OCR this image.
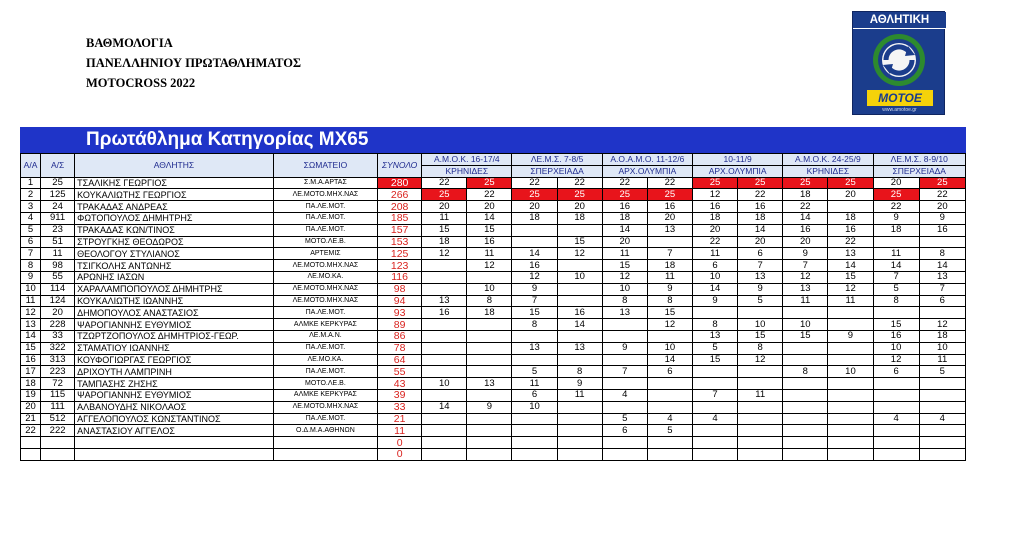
ΒΑΘΜΟΛΟΓΙΑ
ΠΑΝΕΛΛΗΝΙΟΥ ΠΡΩΤΑΘΛΗΜΑΤΟΣ
MOTOCROSS 2022
ΑΘΛΗΤΙΚΗ
MOTOE
www.amotoe.gr
Πρωτάθλημα Κατηγορίας MX65
Α/Α	Α/Σ	ΑΘΛΗΤΗΣ	ΣΩΜΑΤΕΙΟ	ΣΥΝΟΛΟ	Α.Μ.Ο.Κ. 16-17/4		ΛΕ.Μ.Σ. 7-8/5		Α.Ο.Α.Μ.Ο. 11-12/6		10-11/9		Α.Μ.Ο.Κ. 24-25/9		ΛΕ.Μ.Σ. 8-9/10	
					ΚΡΗΝΙΔΕΣ		ΣΠΕΡΧΕΙΑΔΑ		ΑΡΧ.ΟΛΥΜΠΙΑ		ΑΡΧ.ΟΛΥΜΠΙΑ		ΚΡΗΝΙΔΕΣ		ΣΠΕΡΧΕΙΑΔΑ	
1	25	ΤΣΑΛΙΚΗΣ ΓΕΩΡΓΙΟΣ	Σ.Μ.Α.ΑΡΤΑΣ	280	22	25	22	22	22	22	25	25	25	25	20	25
2	125	ΚΟΥΚΑΛΙΩΤΗΣ ΓΕΩΡΓΙΟΣ	ΛΕ.ΜΟΤΟ.ΜΗΧ.ΝΑΣ	266	25	22	25	25	25	25	12	22	18	20	25	22
3	24	ΤΡΑΚΑΔΑΣ ΑΝΔΡΕΑΣ	ΠΑ.ΛΕ.ΜΟΤ.	208	20	20	20	20	16	16	16	16	22		22	20
4	911	ΦΩΤΟΠΟΥΛΟΣ ΔΗΜΗΤΡΗΣ	ΠΑ.ΛΕ.ΜΟΤ.	185	11	14	18	18	18	20	18	18	14	18	9	9
5	23	ΤΡΑΚΑΔΑΣ ΚΩΝ/ΤΙΝΟΣ	ΠΑ.ΛΕ.ΜΟΤ.	157	15	15			14	13	20	14	16	16	18	16
6	51	ΣΤΡΟΥΓΚΗΣ ΘΕΟΔΩΡΟΣ	ΜΟΤΟ.ΛΕ.Β.	153	18	16		15	20		22	20	20	22		
7	11	ΘΕΟΛΟΓΟΥ ΣΤΥΛΙΑΝΟΣ	ΑΡΤΕΜΙΣ	125	12	11	14	12	11	7	11	6	9	13	11	8
8	98	ΤΣΙΓΚΟΛΗΣ ΑΝΤΩΝΗΣ	ΛΕ.ΜΟΤΟ.ΜΗΧ.ΝΑΣ	123		12	16		15	18	6	7	7	14	14	14
9	55	ΑΡΩΝΗΣ ΙΑΣΩΝ	ΛΕ.ΜΟ.ΚΑ.	116			12	10	12	11	10	13	12	15	7	13
10	114	ΧΑΡΑΛΑΜΠΟΠΟΥΛΟΣ ΔΗΜΗΤΡΗΣ	ΛΕ.ΜΟΤΟ.ΜΗΧ.ΝΑΣ	98		10	9		10	9	14	9	13	12	5	7
11	124	ΚΟΥΚΑΛΙΩΤΗΣ ΙΩΑΝΝΗΣ	ΛΕ.ΜΟΤΟ.ΜΗΧ.ΝΑΣ	94	13	8	7		8	8	9	5	11	11	8	6
12	20	ΔΗΜΟΠΟΥΛΟΣ ΑΝΑΣΤΑΣΙΟΣ	ΠΑ.ΛΕ.ΜΟΤ.	93	16	18	15	16	13	15						
13	228	ΨΑΡΟΓΙΑΝΝΗΣ ΕΥΘΥΜΙΟΣ	ΑΛΜΚΕ ΚΕΡΚΥΡΑΣ	89			8	14		12	8	10	10		15	12
14	33	ΤΖΩΡΤΖΟΠΟΥΛΟΣ ΔΗΜΗΤΡΙΟΣ-ΓΕΩΡ.	ΛΕ.Μ.Α.Ν.	86							13	15	15	9	16	18
15	322	ΣΤΑΜΑΤΙΟΥ ΙΩΑΝΝΗΣ	ΠΑ.ΛΕ.ΜΟΤ.	78			13	13	9	10	5	8			10	10
16	313	ΚΟΥΦΟΓΙΩΡΓΑΣ ΓΕΩΡΓΙΟΣ	ΛΕ.ΜΟ.ΚΑ.	64						14	15	12			12	11
17	223	ΔΡΙΧΟΥΤΗ ΛΑΜΠΡΙΝΗ	ΠΑ.ΛΕ.ΜΟΤ.	55			5	8	7	6			8	10	6	5
18	72	ΤΑΜΠΑΣΗΣ ΖΗΣΗΣ	ΜΟΤΟ.ΛΕ.Β.	43	10	13	11	9								
19	115	ΨΑΡΟΓΙΑΝΝΗΣ ΕΥΘΥΜΙΟΣ	ΑΛΜΚΕ ΚΕΡΚΥΡΑΣ	39			6	11	4		7	11				
20	111	ΑΛΒΑΝΟΥΔΗΣ ΝΙΚΟΛΑΟΣ	ΛΕ.ΜΟΤΟ.ΜΗΧ.ΝΑΣ	33	14	9	10									
21	512	ΑΓΓΕΛΟΠΟΥΛΟΣ ΚΩΝΣΤΑΝΤΙΝΟΣ	ΠΑ.ΛΕ.ΜΟΤ.	21					5	4	4				4	4
22	222	ΑΝΑΣΤΑΣΙΟΥ ΑΓΓΕΛΟΣ	Ο.Δ.Μ.Α.ΑΘΗΝΩΝ	11					6	5						
				0												
				0												
